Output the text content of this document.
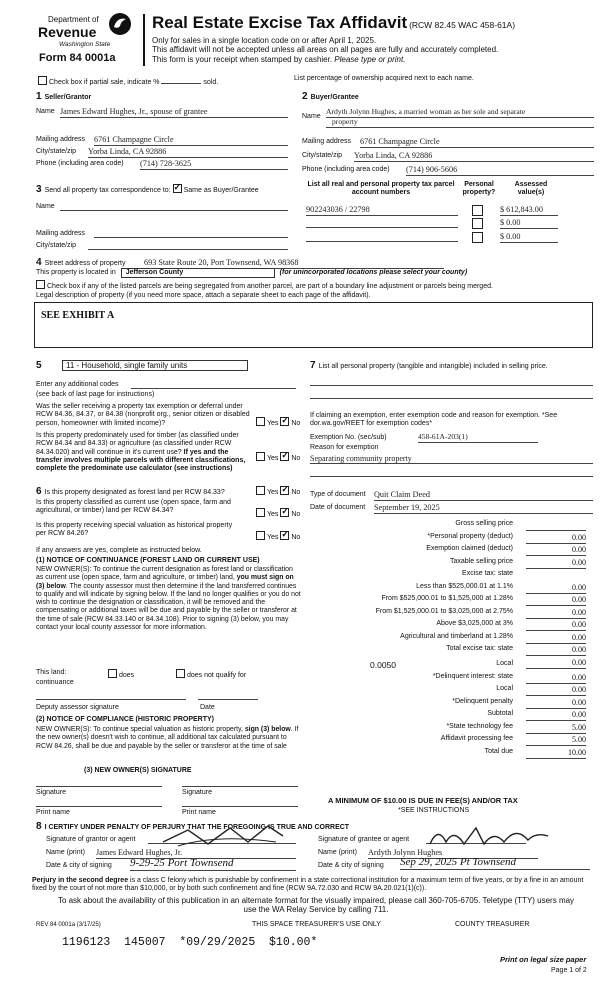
Department of
Revenue
Washington State
Form 84 0001a
Real Estate Excise Tax Affidavit (RCW 82.45 WAC 458-61A)
Only for sales in a single location code on or after April 1, 2025.
This affidavit will not be accepted unless all areas on all pages are fully and accurately completed.
This form is your receipt when stamped by cashier. Please type or print.
Check box if partial sale, indicate %	sold.
List percentage of ownership acquired next to each name.
1 Seller/Grantor
Name James Edward Hughes, Jr., spouse of grantee
Mailing address 6761 Champagne Circle
City/state/zip Yorba Linda, CA 92886
Phone (including area code) (714) 728-3625
2 Buyer/Grantee
Name
Ardyth Jolynn Hughes, a married woman as her sole and separate
property
Mailing address 6761 Champagne Circle
City/state/zip Yorba Linda, CA 92886
Phone (including area code) (714) 906-5606
3 Send all property tax correspondence to: ✓ Same as Buyer/Grantee
Name
Mailing address
City/state/zip
List all real and personal property tax parcel account numbers
Personal property?
Assessed value(s)
902243036 / 22798	$ 612,843.00
$ 0.00
$ 0.00
4 Street address of property 693 State Route 20, Port Townsend, WA 98368
This property is located in Jefferson County	(for unincorporated locations please select your county)
Check box if any of the listed parcels are being segregated from another parcel, are part of a boundary line adjustment or parcels being merged.
Legal description of property (if you need more space, attach a separate sheet to each page of the affidavit).
SEE EXHIBIT A
5	11 - Household, single family units
Enter any additional codes
(see back of last page for instructions)
Was the seller receiving a property tax exemption or deferral under RCW 84.36, 84.37, or 84.38 (nonprofit org., senior citizen or disabled person, homeowner with limited income)?	Yes ✓ No
Is this property predominately used for timber (as classified under RCW 84.34 and 84.33) or agriculture (as classified under RCW 84.34.020) and will continue in it's current use? If yes and the transfer involves multiple parcels with different classifications, complete the predominate use calculator (see instructions)
Yes ✓ No
6 Is this property designated as forest land per RCW 84.33?	Yes ✓ No
Is this property classified as current use (open space, farm and agricultural, or timber) land per RCW 84.34?
Yes ✓ No
Is this property receiving special valuation as historical property per RCW 84.26?
Yes ✓ No
If any answers are yes, complete as instructed below.
(1) NOTICE OF CONTINUANCE (FOREST LAND OR CURRENT USE)
NEW OWNER(S): To continue the current designation as forest land or classification as current use (open space, farm and agriculture, or timber) land, you must sign on (3) below. The county assessor must then determine if the land transferred continues to qualify and will indicate by signing below. If the land no longer qualifies or you do not wish to continue the designation or classification, it will be removed and the compensating or additional taxes will be due and payable by the seller or transferor at the time of sale (RCW 84.33.140 or 84.34.108). Prior to signing (3) below, you may contact your local county assessor for more information.
This land:	does	does not qualify for
continuance
Deputy assessor signature	Date
(2) NOTICE OF COMPLIANCE (HISTORIC PROPERTY)
NEW OWNER(S): To continue special valuation as historic property, sign (3) below. If the new owner(s) doesn't wish to continue, all additional tax calculated pursuant to RCW 84.26, shall be due and payable by the seller or transferor at the time of sale
(3) NEW OWNER(S) SIGNATURE
Signature	Signature
Print name	Print name
7 List all personal property (tangible and intangible) included in selling price.
If claiming an exemption, enter exemption code and reason for exemption. *See dor.wa.gov/REET for exemption codes*
Exemption No. (sec/sub)	458-61A-203(1)
Reason for exemption
Separating community property
Type of document Quit Claim Deed
Date of document September 19, 2025
Gross selling price
*Personal property (deduct)	0.00
Exemption claimed (deduct)	0.00
Taxable selling price	0.00
Excise tax: state
Less than $525,000.01 at 1.1%	0.00
From $525,000.01 to $1,525,000 at 1.28%	0.00
From $1,525,000.01 to $3,025,000 at 2.75%	0.00
Above $3,025,000 at 3%	0.00
Agricultural and timberland at 1.28%	0.00
Total excise tax: state	0.00
0.0050	Local	0.00
*Delinquent interest: state	0.00
Local	0.00
*Delinquent penalty	0.00
Subtotal	0.00
*State technology fee	5.00
Affidavit processing fee	5.00
Total due	10.00
A MINIMUM OF $10.00 IS DUE IN FEE(S) AND/OR TAX
*SEE INSTRUCTIONS
8 I CERTIFY UNDER PENALTY OF PERJURY THAT THE FOREGOING IS TRUE AND CORRECT
Signature of grantor or agent	Signature of grantee or agent
Name (print) James Edward Hughes, Jr.	Name (print) Ardyth Jolynn Hughes
Date & city of signing 9-29-25 Port Townsend	Date & city of signing Sep 29, 2025 Pt Townsend
Perjury in the second degree is a class C felony which is punishable by confinement in a state correctional institution for a maximum term of five years, or by a fine in an amount fixed by the court of not more than $10,000, or by both such confinement and fine (RCW 9A.72.030 and RCW 9A.20.021(1)(c)).
To ask about the availability of this publication in an alternate format for the visually impaired, please call 360-705-6705. Teletype (TTY) users may use the WA Relay Service by calling 711.
REV 84 0001a (3/17/25)	THIS SPACE TREASURER'S USE ONLY	COUNTY TREASURER
1196123  145007  *09/29/2025  $10.00*
Print on legal size paper
Page 1 of 2
